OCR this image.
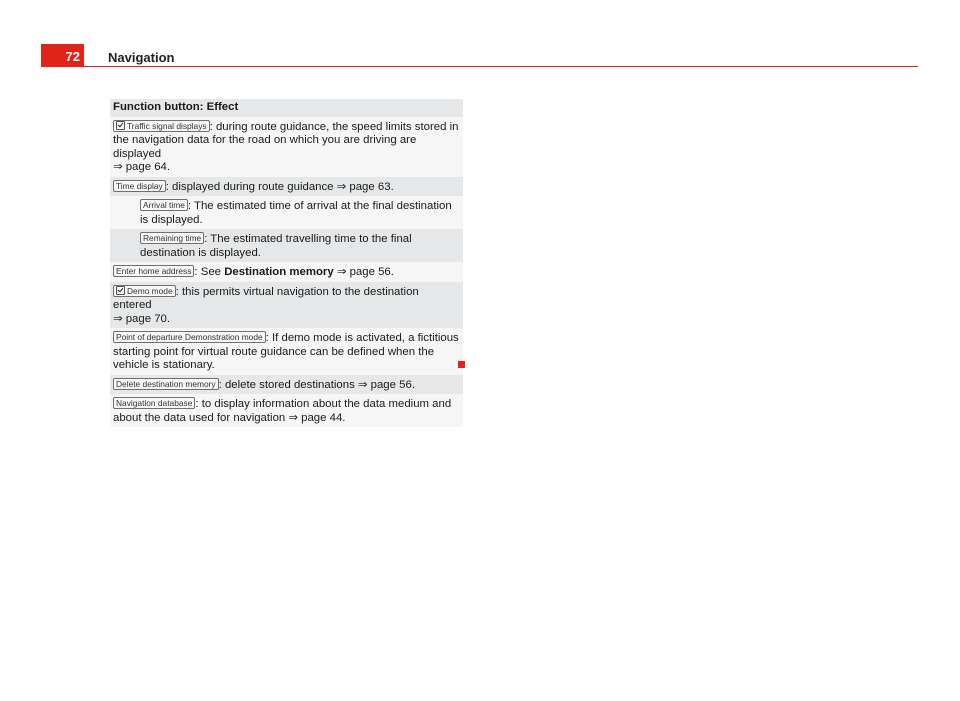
72	Navigation
Function button: Effect
Traffic signal displays : during route guidance, the speed limits stored in the navigation data for the road on which you are driving are displayed
⇒ page 64.
Time display : displayed during route guidance ⇒ page 63.
Arrival time : The estimated time of arrival at the final destination is displayed.
Remaining time : The estimated travelling time to the final destination is displayed.
Enter home address : See Destination memory ⇒ page 56.
Demo mode : this permits virtual navigation to the destination entered
⇒ page 70.
Point of departure Demonstration mode : If demo mode is activated, a fictitious starting point for virtual route guidance can be defined when the vehicle is stationary.
Delete destination memory : delete stored destinations ⇒ page 56.
Navigation database : to display information about the data medium and about the data used for navigation ⇒ page 44.
